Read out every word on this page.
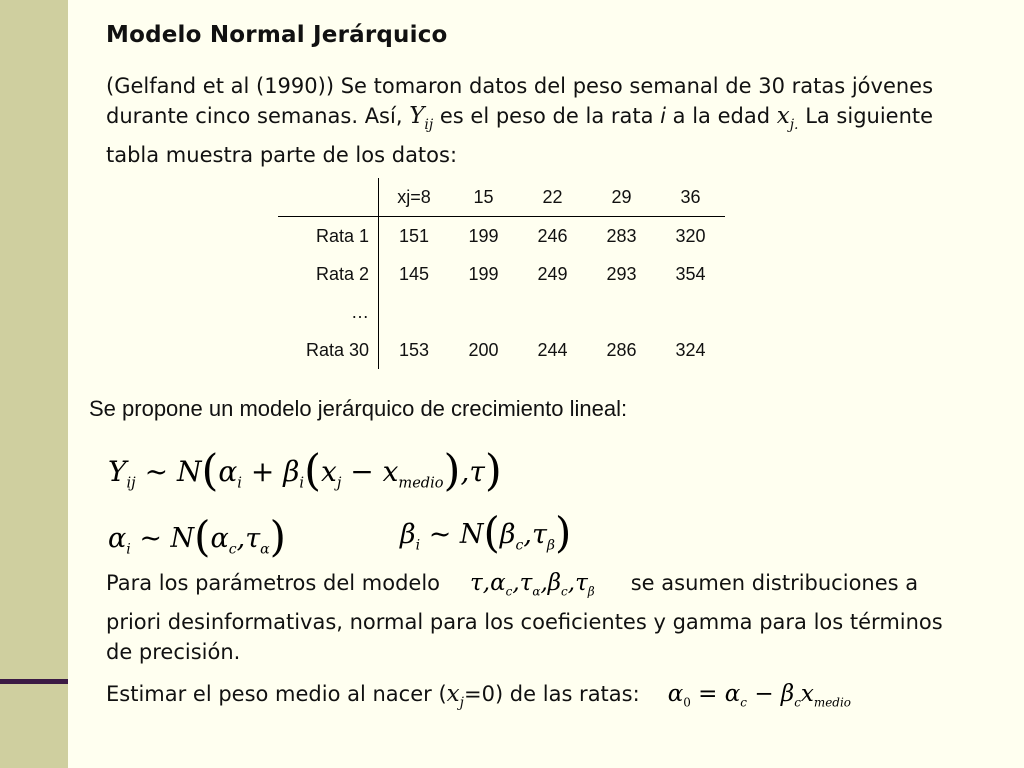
Modelo Normal Jerárquico
(Gelfand et al (1990)) Se tomaron datos del peso semanal de 30 ratas jóvenes durante cinco semanas. Así, $Y_{ij}$ es el peso de la rata i a la edad $x_{j.}$ La siguiente tabla muestra parte de los datos:
	xj=8	15	22	29	36
Rata 1	151	199	246	283	320
Rata 2	145	199	249	293	354
…					
Rata 30	153	200	244	286	324
Se propone un modelo jerárquico de crecimiento lineal:
$Y_{ij}$ ~ $N(\alpha_i + \beta_i(x_j - x_{medio}),\tau)$
$\alpha_i$ ~ $N(\alpha_c,\tau_\alpha)$	$\beta_i$ ~ $N(\beta_c,\tau_\beta)$
Para los parámetros del modelo $\tau,\alpha_c,\tau_\alpha,\beta_c,\tau_\beta$ se asumen distribuciones a priori desinformativas, normal para los coeficientes y gamma para los términos de precisión.
Estimar el peso medio al nacer $(x_j=0)$ de las ratas: $\alpha_0 = \alpha_c - \beta_cx_{medio}$
